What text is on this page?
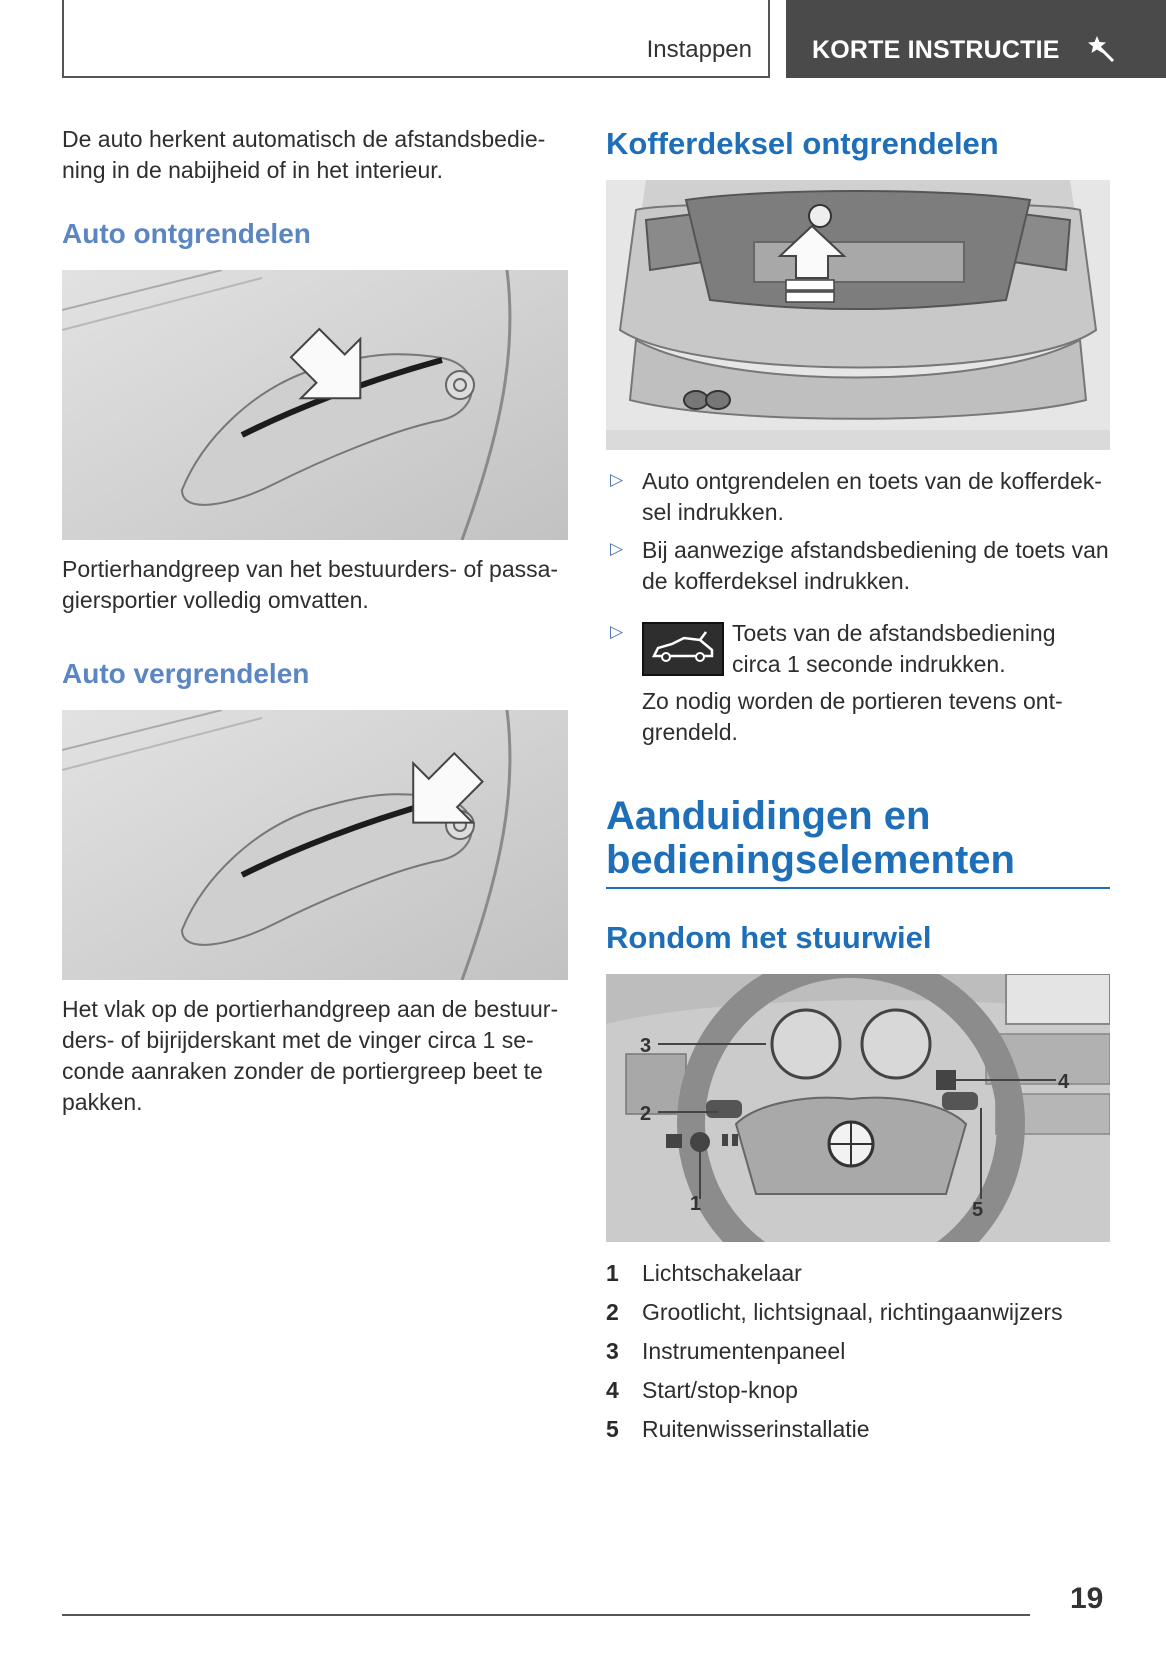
Instappen KORTE INSTRUCTIE

De auto herkent automatisch de afstandsbediening in de nabijheid of in het interieur.

Auto ontgrendelen

Portierhandgreep van het bestuurders- of passagiersportier volledig omvatten.

Auto vergrendelen

Het vlak op de portierhandgreep aan de bestuurders- of bijrijderskant met de vinger circa 1 seconde aanraken zonder de portiergreep beet te pakken.

Kofferdeksel ontgrendelen
▷ Auto ontgrendelen en toets van de kofferdeksel indrukken.
▷ Bij aanwezige afstandsbediening de toets van de kofferdeksel indrukken.
▷	Toets van de afstandsbediening circa 1 seconde indrukken.

Zo nodig worden de portieren tevens ontgrendeld.

Aanduidingen en bedieningselementen
Rondom het stuurwiel
3
2
1
4
5
1 Lichtschakelaar
2 Grootlicht, lichtsignaal, richtingaanwijzers
3 Instrumentenpaneel
4 Start/stop-knop
5 Ruitenwisserinstallatie
19
